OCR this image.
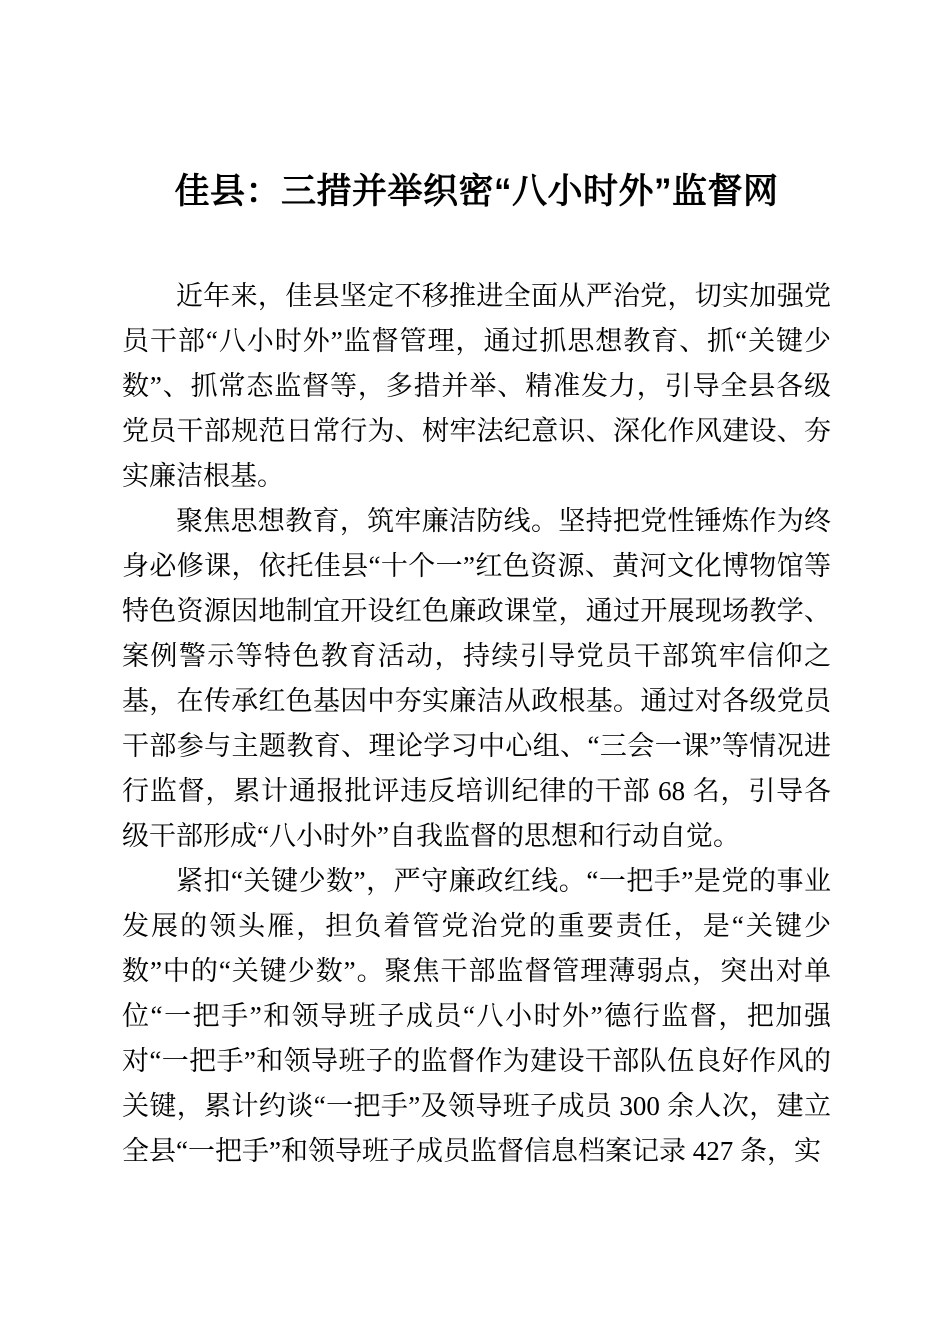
佳县：三措并举织密“八小时外”监督网

近年来，佳县坚定不移推进全面从严治党，切实加强党员干部“八小时外”监督管理，通过抓思想教育、抓“关键少数”、抓常态监督等，多措并举、精准发力，引导全县各级党员干部规范日常行为、树牢法纪意识、深化作风建设、夯实廉洁根基。

聚焦思想教育，筑牢廉洁防线。坚持把党性锤炼作为终身必修课，依托佳县“十个一”红色资源、黄河文化博物馆等特色资源因地制宜开设红色廉政课堂，通过开展现场教学、案例警示等特色教育活动，持续引导党员干部筑牢信仰之基，在传承红色基因中夯实廉洁从政根基。通过对各级党员干部参与主题教育、理论学习中心组、“三会一课”等情况进行监督，累计通报批评违反培训纪律的干部 68 名，引导各级干部形成“八小时外”自我监督的思想和行动自觉。

紧扣“关键少数”，严守廉政红线。“一把手”是党的事业发展的领头雁，担负着管党治党的重要责任，是“关键少数”中的“关键少数”。聚焦干部监督管理薄弱点，突出对单位“一把手”和领导班子成员“八小时外”德行监督，把加强对“一把手”和领导班子的监督作为建设干部队伍良好作风的关键，累计约谈“一把手”及领导班子成员 300 余人次，建立全县“一把手”和领导班子成员监督信息档案记录 427 条，实
